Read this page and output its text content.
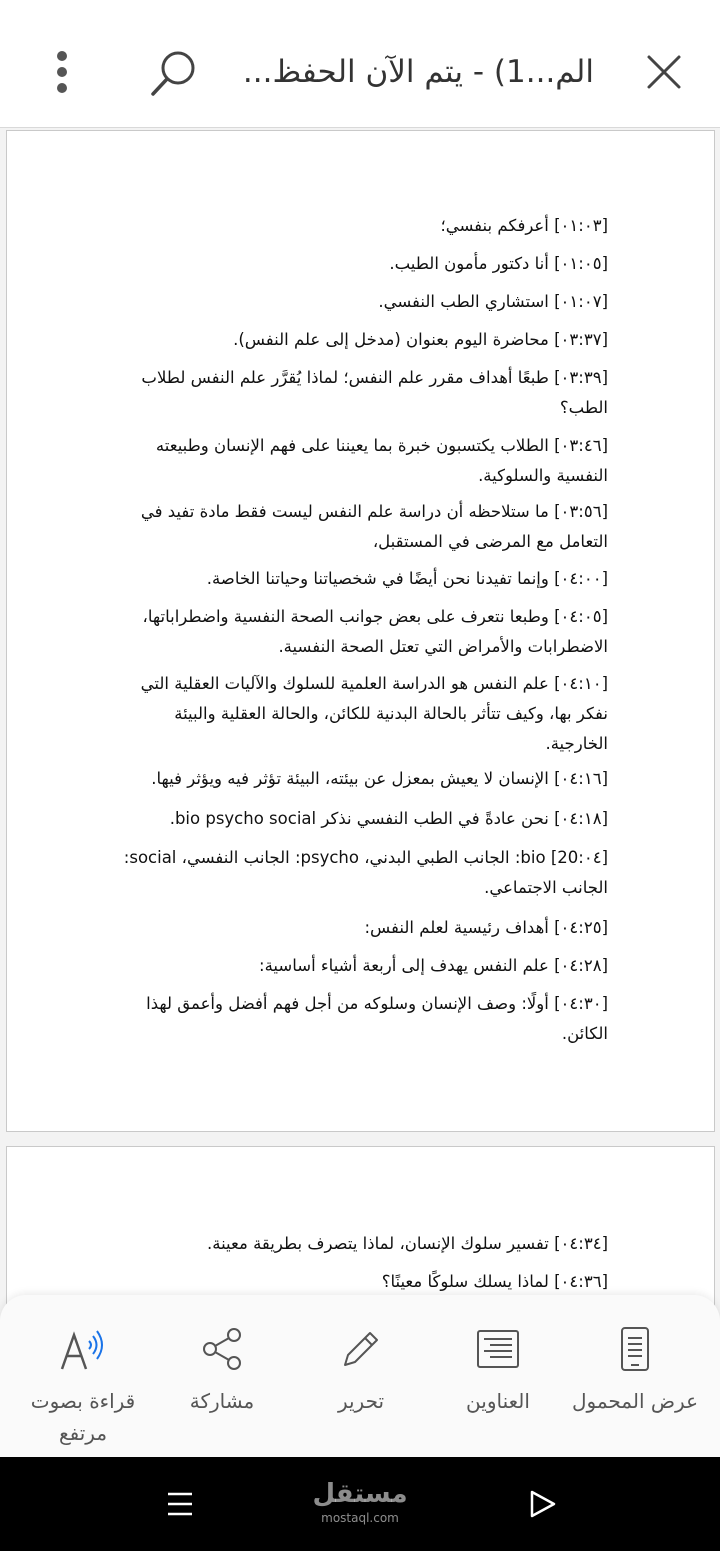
الم...1) - يتم الآن الحفظ...

[٠١:٠٣] أعرفكم بنفسي؛

[٠١:٠٥] أنا دكتور مأمون الطيب.

[٠١:٠٧] استشاري الطب النفسي.

[٠٣:٣٧] محاضرة اليوم بعنوان (مدخل إلى علم النفس).

[٠٣:٣٩] طبعًا أهداف مقرر علم النفس؛ لماذا يُقرَّر علم النفس لطلاب الطب؟

[٠٣:٤٦] الطلاب يكتسبون خبرة بما يعيننا على فهم الإنسان وطبيعته النفسية والسلوكية.

[٠٣:٥٦] ما ستلاحظه أن دراسة علم النفس ليست فقط مادة تفيد في التعامل مع المرضى في المستقبل،

[٠٤:٠٠] وإنما تفيدنا نحن أيضًا في شخصياتنا وحياتنا الخاصة.

[٠٤:٠٥] وطبعا نتعرف على بعض جوانب الصحة النفسية واضطراباتها، الاضطرابات والأمراض التي تعتل الصحة النفسية.

[٠٤:١٠] علم النفس هو الدراسة العلمية للسلوك والآليات العقلية التي نفكر بها، وكيف تتأثر بالحالة البدنية للكائن، والحالة العقلية والبيئة الخارجية.

[٠٤:١٦] الإنسان لا يعيش بمعزل عن بيئته، البيئة تؤثر فيه ويؤثر فيها.

[٠٤:١٨] نحن عادةً في الطب النفسي نذكر bio psycho social.

[٠٤:20] bio: الجانب الطبي البدني، psycho: الجانب النفسي، social: الجانب الاجتماعي.

[٠٤:٢٥] أهداف رئيسية لعلم النفس:

[٠٤:٢٨] علم النفس يهدف إلى أربعة أشياء أساسية:

[٠٤:٣٠] أولًا: وصف الإنسان وسلوكه من أجل فهم أفضل وأعمق لهذا الكائن.

[٠٤:٣٤] تفسير سلوك الإنسان، لماذا يتصرف بطريقة معينة.

[٠٤:٣٦] لماذا يسلك سلوكًا معينًا؟

عرض المحمول
العناوين
تحرير
مشاركة
قراءة بصوت مرتفع
مستقل
mostaql.com
